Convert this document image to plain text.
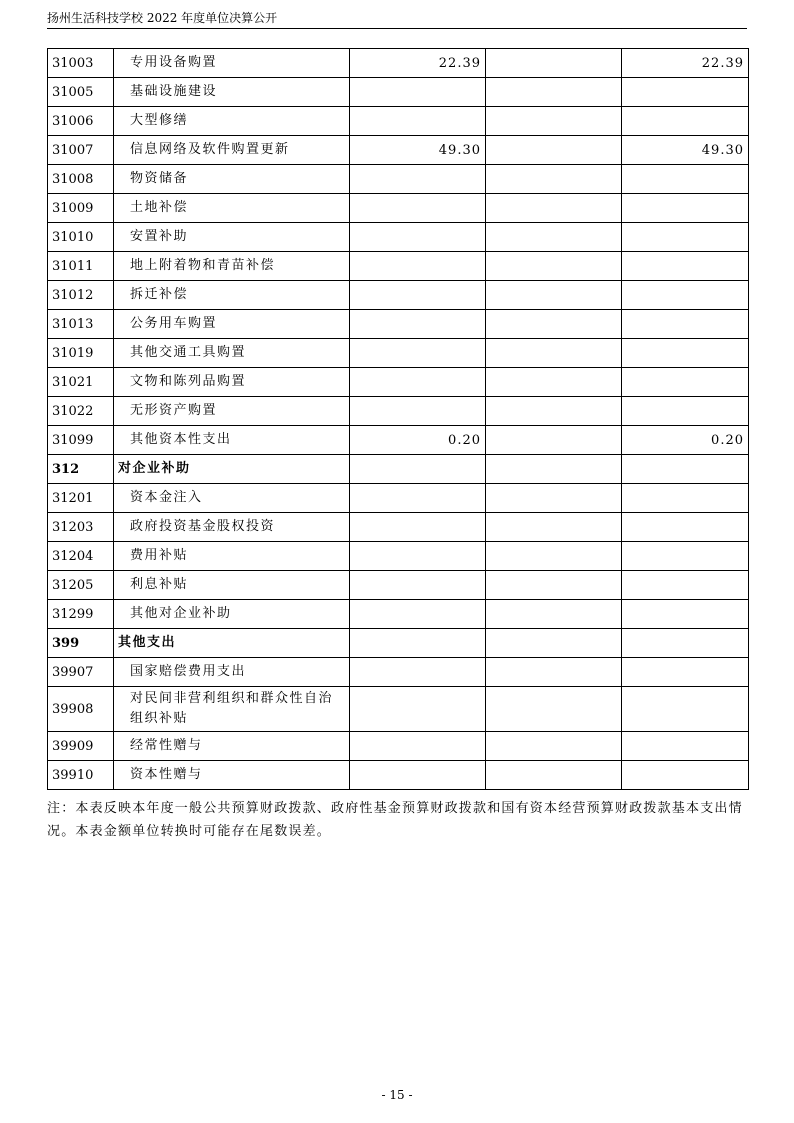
扬州生活科技学校 2022 年度单位决算公开
31003	专用设备购置	22.39		22.39
31005	基础设施建设			
31006	大型修缮			
31007	信息网络及软件购置更新	49.30		49.30
31008	物资储备			
31009	土地补偿			
31010	安置补助			
31011	地上附着物和青苗补偿			
31012	拆迁补偿			
31013	公务用车购置			
31019	其他交通工具购置			
31021	文物和陈列品购置			
31022	无形资产购置			
31099	其他资本性支出	0.20		0.20
312	对企业补助			
31201	资本金注入			
31203	政府投资基金股权投资			
31204	费用补贴			
31205	利息补贴			
31299	其他对企业补助			
399	其他支出			
39907	国家赔偿费用支出			
39908	对民间非营利组织和群众性自治组织补贴			
39909	经常性赠与			
39910	资本性赠与			
注：本表反映本年度一般公共预算财政拨款、政府性基金预算财政拨款和国有资本经营预算财政拨款基本支出情况。本表金额单位转换时可能存在尾数误差。
- 15 -
